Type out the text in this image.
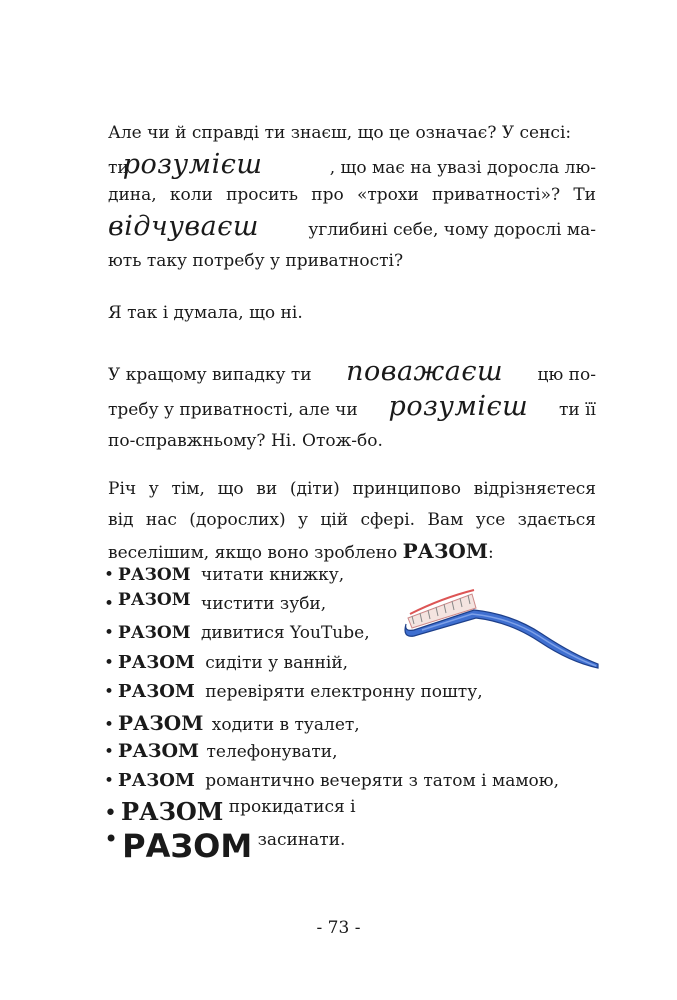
Але чи й справді ти знаєш, що це означає? У сенсі:
ти
розумієш	, що має на увазі доросла лю-
дина, коли просить про «трохи приватності»? Ти
відчуваєш	углибині себе, чому дорослі ма-
ють таку потребу у приватності?
Я так і думала, що ні.
У кращому випадку ти поважаєш цю по-
требу у приватності, але чи розумієш ти її
по-справжньому? Ні. Отож-бо.
Річ у тім, що ви (діти) принципово відрізняєтеся
від нас (дорослих) у цій сфері. Вам усе здається
веселішим, якщо воно зроблено РАЗОМ:
• РАЗОМ читати книжку,
• РАЗОМ чистити зуби,
• РАЗОМ дивитися YouTube,
• РАЗОМ сидіти у ванній,
• РАЗОМ перевіряти електронну пошту,
• РАЗОМ ходити в туалет,
• РАЗОМ телефонувати,
• РАЗОМ романтично вечеряти з татом і мамою,
• РАЗОМ прокидатися і
• РАЗОМ засинати.
- 73 -
